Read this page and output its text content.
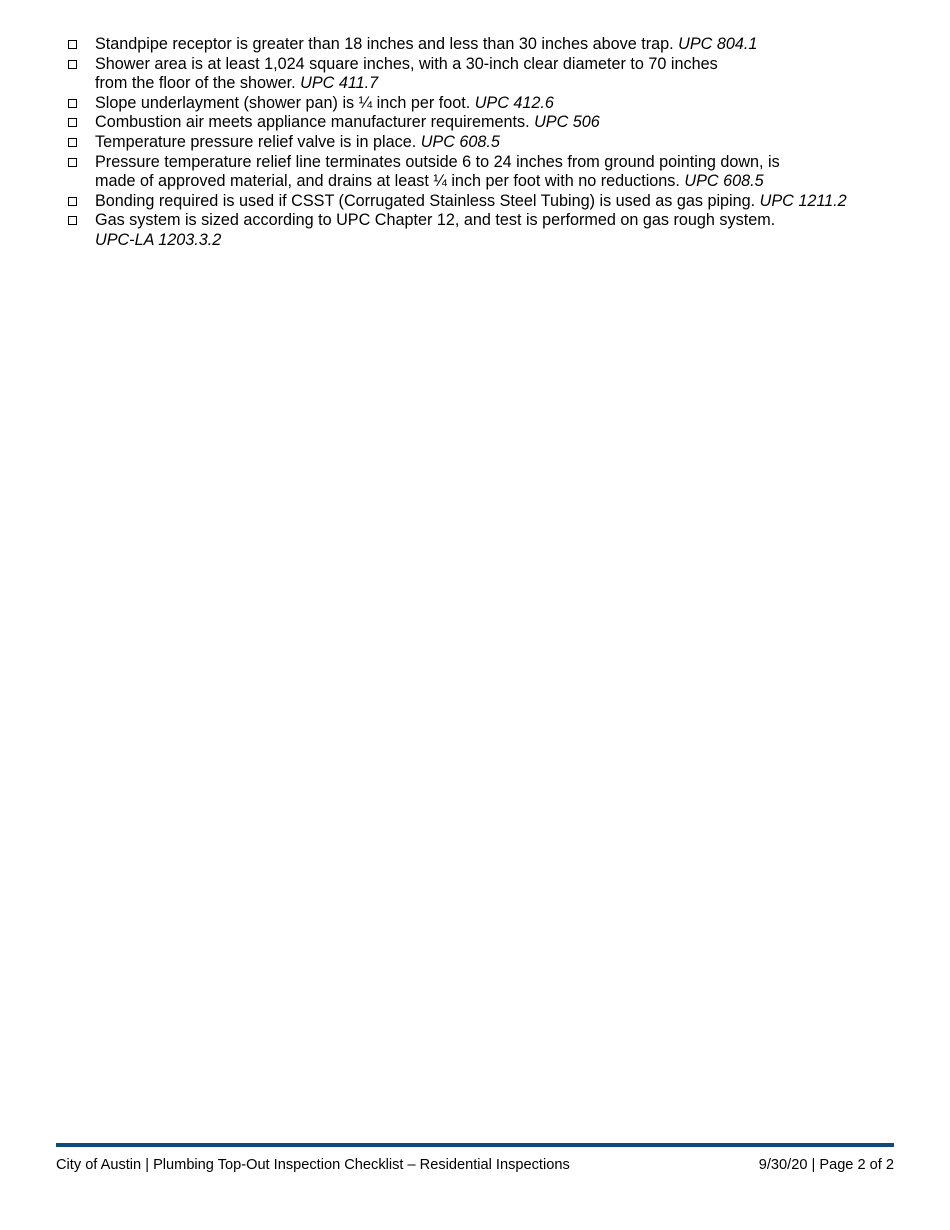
Standpipe receptor is greater than 18 inches and less than 30 inches above trap. UPC 804.1
Shower area is at least 1,024 square inches, with a 30-inch clear diameter to 70 inches
from the floor of the shower. UPC 411.7
Slope underlayment (shower pan) is ¼ inch per foot. UPC 412.6
Combustion air meets appliance manufacturer requirements. UPC 506
Temperature pressure relief valve is in place. UPC 608.5
Pressure temperature relief line terminates outside 6 to 24 inches from ground pointing down, is
made of approved material, and drains at least ¼ inch per foot with no reductions. UPC 608.5
Bonding required is used if CSST (Corrugated Stainless Steel Tubing) is used as gas piping. UPC 1211.2
Gas system is sized according to UPC Chapter 12, and test is performed on gas rough system.
UPC-LA 1203.3.2
City of Austin | Plumbing Top-Out Inspection Checklist – Residential Inspections	9/30/20 | Page 2 of 2
